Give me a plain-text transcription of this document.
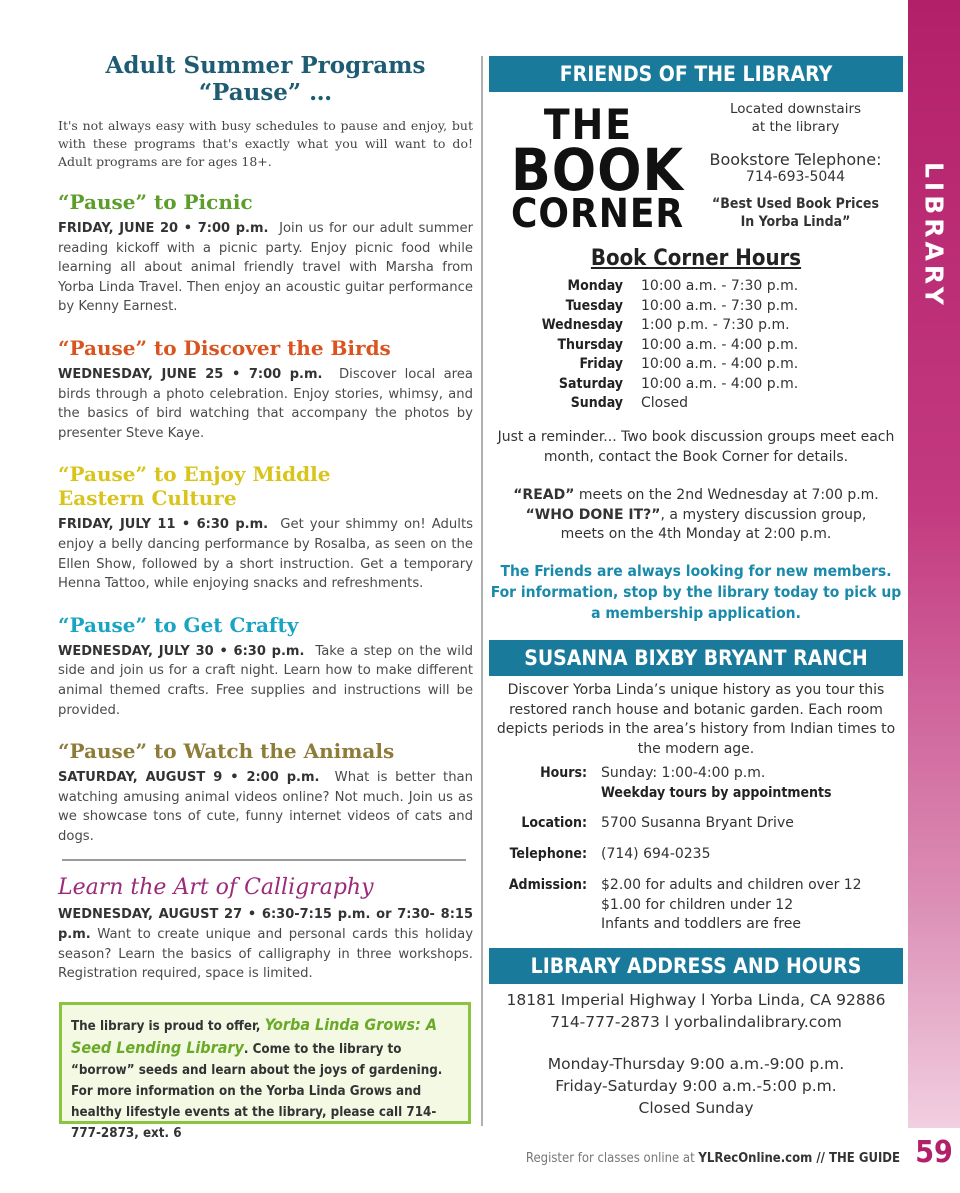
LIBRARY
59
Adult Summer Programs
“Pause” …

It's not always easy with busy schedules to pause and enjoy, but with these programs that's exactly what you will want to do! Adult programs are for ages 18+.

“Pause” to Picnic

FRIDAY, JUNE 20 • 7:00 p.m. Join us for our adult summer reading kickoff with a picnic party. Enjoy picnic food while learning all about animal friendly travel with Marsha from Yorba Linda Travel. Then enjoy an acoustic guitar performance by Kenny Earnest.

“Pause” to Discover the Birds

WEDNESDAY, JUNE 25 • 7:00 p.m. Discover local area birds through a photo celebration. Enjoy stories, whimsy, and the basics of bird watching that accompany the photos by presenter Steve Kaye.

“Pause” to Enjoy Middle
Eastern Culture

FRIDAY, JULY 11 • 6:30 p.m. Get your shimmy on! Adults enjoy a belly dancing performance by Rosalba, as seen on the Ellen Show, followed by a short instruction. Get a temporary Henna Tattoo, while enjoying snacks and refreshments.

“Pause” to Get Crafty

WEDNESDAY, JULY 30 • 6:30 p.m. Take a step on the wild side and join us for a craft night. Learn how to make different animal themed crafts. Free supplies and instructions will be provided.

“Pause” to Watch the Animals

SATURDAY, AUGUST 9 • 2:00 p.m. What is better than watching amusing animal videos online? Not much. Join us as we showcase tons of cute, funny internet videos of cats and dogs.

Learn the Art of Calligraphy

WEDNESDAY, AUGUST 27 • 6:30-7:15 p.m. or 7:30- 8:15 p.m. Want to create unique and personal cards this holiday season? Learn the basics of calligraphy in three workshops. Registration required, space is limited.

The library is proud to offer, Yorba Linda Grows: A Seed Lending Library. Come to the library to “borrow” seeds and learn about the joys of gardening. For more information on the Yorba Linda Grows and healthy lifestyle events at the library, please call 714-777-2873, ext. 6
FRIENDS OF THE LIBRARY
THE
BOOK
CORNER
Located downstairs
at the library
Bookstore Telephone:
714-693-5044
“Best Used Book Prices
In Yorba Linda”
Book Corner Hours
Monday	10:00 a.m. - 7:30 p.m.
Tuesday	10:00 a.m. - 7:30 p.m.
Wednesday	1:00 p.m. - 7:30 p.m.
Thursday	10:00 a.m. - 4:00 p.m.
Friday	10:00 a.m. - 4:00 p.m.
Saturday	10:00 a.m. - 4:00 p.m.
Sunday	Closed
Just a reminder... Two book discussion groups meet each month, contact the Book Corner for details.
“READ” meets on the 2nd Wednesday at 7:00 p.m.
“WHO DONE IT?”, a mystery discussion group,
meets on the 4th Monday at 2:00 p.m.
The Friends are always looking for new members. For information, stop by the library today to pick up a membership application.
SUSANNA BIXBY BRYANT RANCH
Discover Yorba Linda’s unique history as you tour this restored ranch house and botanic garden. Each room depicts periods in the area’s history from Indian times to the modern age.
Hours:	Sunday: 1:00-4:00 p.m.
Weekday tours by appointments
Location:	5700 Susanna Bryant Drive
Telephone:	(714) 694-0235
Admission:	$2.00 for adults and children over 12
$1.00 for children under 12
Infants and toddlers are free
LIBRARY ADDRESS AND HOURS
18181 Imperial Highway l Yorba Linda, CA 92886
714-777-2873 l yorbalindalibrary.com
Monday-Thursday 9:00 a.m.-9:00 p.m.
Friday-Saturday 9:00 a.m.-5:00 p.m.
Closed Sunday
Register for classes online at YLRecOnline.com // THE GUIDE
